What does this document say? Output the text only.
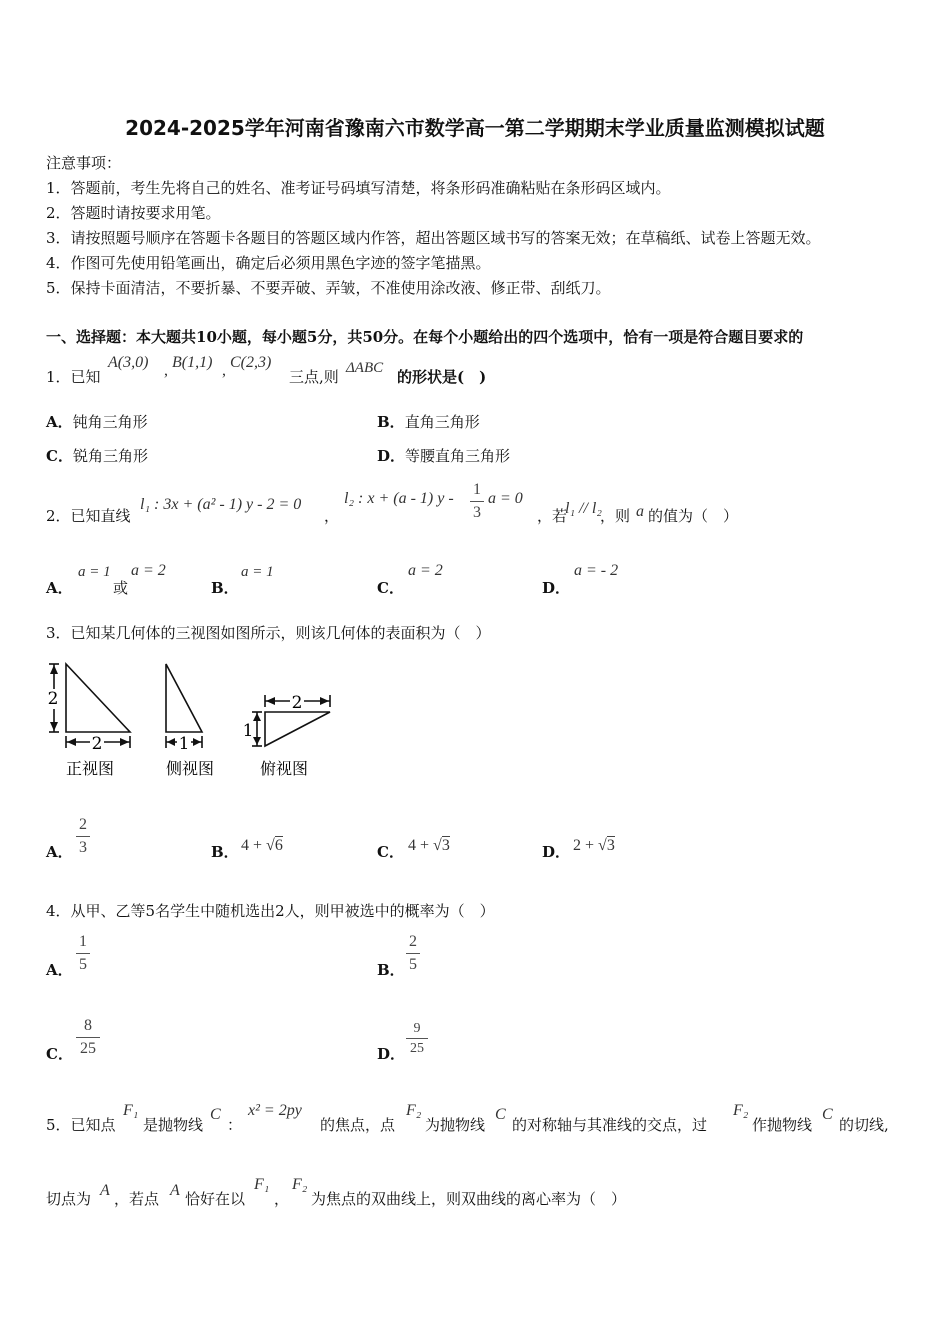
2024-2025学年河南省豫南六市数学高一第二学期期末学业质量监测模拟试题
注意事项：
1．答题前，考生先将自己的姓名、准考证号码填写清楚，将条形码准确粘贴在条形码区域内。
2．答题时请按要求用笔。
3．请按照题号顺序在答题卡各题目的答题区域内作答，超出答题区域书写的答案无效；在草稿纸、试卷上答题无效。
4．作图可先使用铅笔画出，确定后必须用黑色字迹的签字笔描黑。
5．保持卡面清洁，不要折暴、不要弄破、弄皱，不准使用涂改液、修正带、刮纸刀。
一、选择题：本大题共10小题，每小题5分，共50分。在每个小题给出的四个选项中，恰有一项是符合题目要求的
1．已知
A(3,0) , B(1,1) , C(2,3)
三点,则 ΔABC 的形状是(　)
A．钝角三角形	B．直角三角形
C．锐角三角形	D．等腰直角三角形
2．已知直线
l₁ : 3x + (a² - 1) y - 2 = 0
，
l₂ : x + (a - 1) y -
1
3
a = 0
，若
l₁ // l₂
，则 a 的值为（　）
A．
a = 1
或
a = 2
B．
a = 1
C．
a = 2
D．
a = - 2
3．已知某几何体的三视图如图所示，则该几何体的表面积为（　）
2
2	1
2
1
正视图	侧视图	俯视图
A．
2
3	B． 4 + √6	C． 4 + √3	D． 2 + √3
4．从甲、乙等5名学生中随机选出2人，则甲被选中的概率为（　）
A．
1
5	B．
2
5
C．
8
25	D．
9
25
5．已知点
F₁
是抛物线
C
：
x² = 2py
的焦点，点
F₂
为抛物线
C
的对称轴与其准线的交点，过
F₂
作抛物线
C
的切线,
切点为 A ，若点 A 恰好在以
F₁
，
F₂
为焦点的双曲线上，则双曲线的离心率为（　）
